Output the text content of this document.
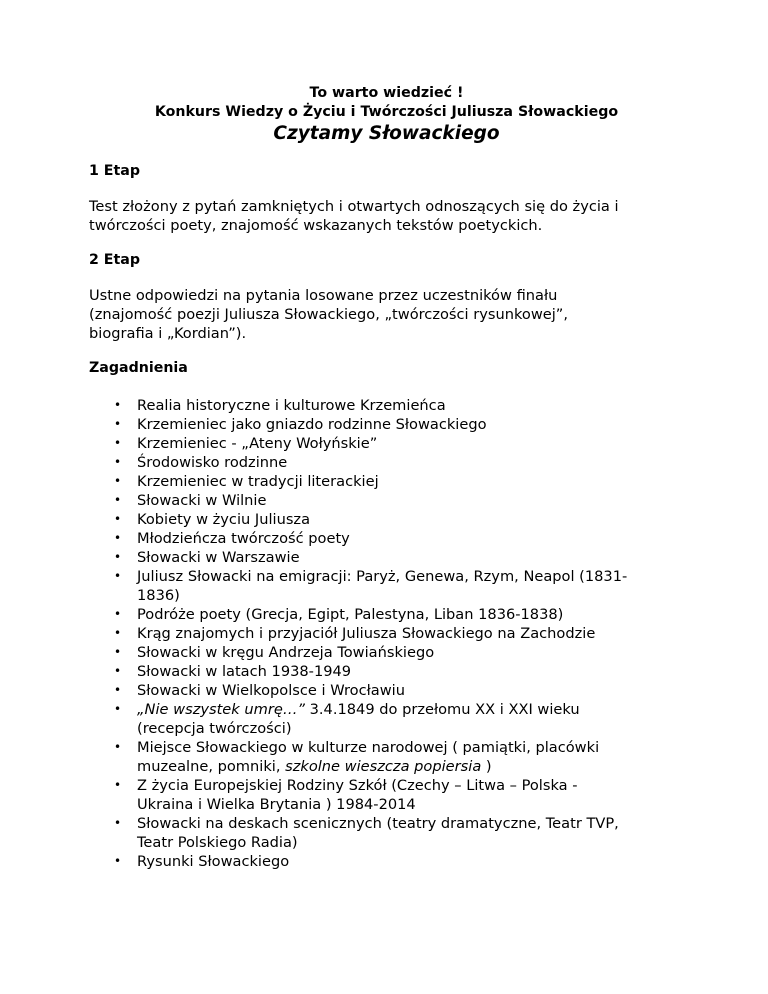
To warto wiedzieć !
Konkurs Wiedzy o Życiu i Twórczości Juliusza Słowackiego
Czytamy Słowackiego
1 Etap

Test złożony z pytań zamkniętych i otwartych odnoszących się do życia i
twórczości poety, znajomość wskazanych tekstów poetyckich.

2 Etap

Ustne odpowiedzi na pytania losowane przez uczestników finału
(znajomość poezji Juliusza Słowackiego, „twórczości rysunkowej”,
biografia i „Kordian”).

Zagadnienia
• Realia historyczne i kulturowe Krzemieńca
• Krzemieniec jako gniazdo rodzinne Słowackiego
• Krzemieniec - „Ateny Wołyńskie”
• Środowisko rodzinne
• Krzemieniec w tradycji literackiej
• Słowacki w Wilnie
• Kobiety w życiu Juliusza
• Młodzieńcza twórczość poety
• Słowacki w Warszawie
• Juliusz Słowacki na emigracji: Paryż, Genewa, Rzym, Neapol (1831-
1836)
• Podróże poety (Grecja, Egipt, Palestyna, Liban 1836-1838)
• Krąg znajomych i przyjaciół Juliusza Słowackiego na Zachodzie
• Słowacki w kręgu Andrzeja Towiańskiego
• Słowacki w latach 1938-1949
• Słowacki w Wielkopolsce i Wrocławiu
• „Nie wszystek umrę…” 3.4.1849 do przełomu XX i XXI wieku
(recepcja twórczości)
• Miejsce Słowackiego w kulturze narodowej ( pamiątki, placówki
muzealne, pomniki, szkolne wieszcza popiersia )
• Z życia Europejskiej Rodziny Szkół (Czechy – Litwa – Polska -
Ukraina i Wielka Brytania ) 1984-2014
• Słowacki na deskach scenicznych (teatry dramatyczne, Teatr TVP,
Teatr Polskiego Radia)
• Rysunki Słowackiego
